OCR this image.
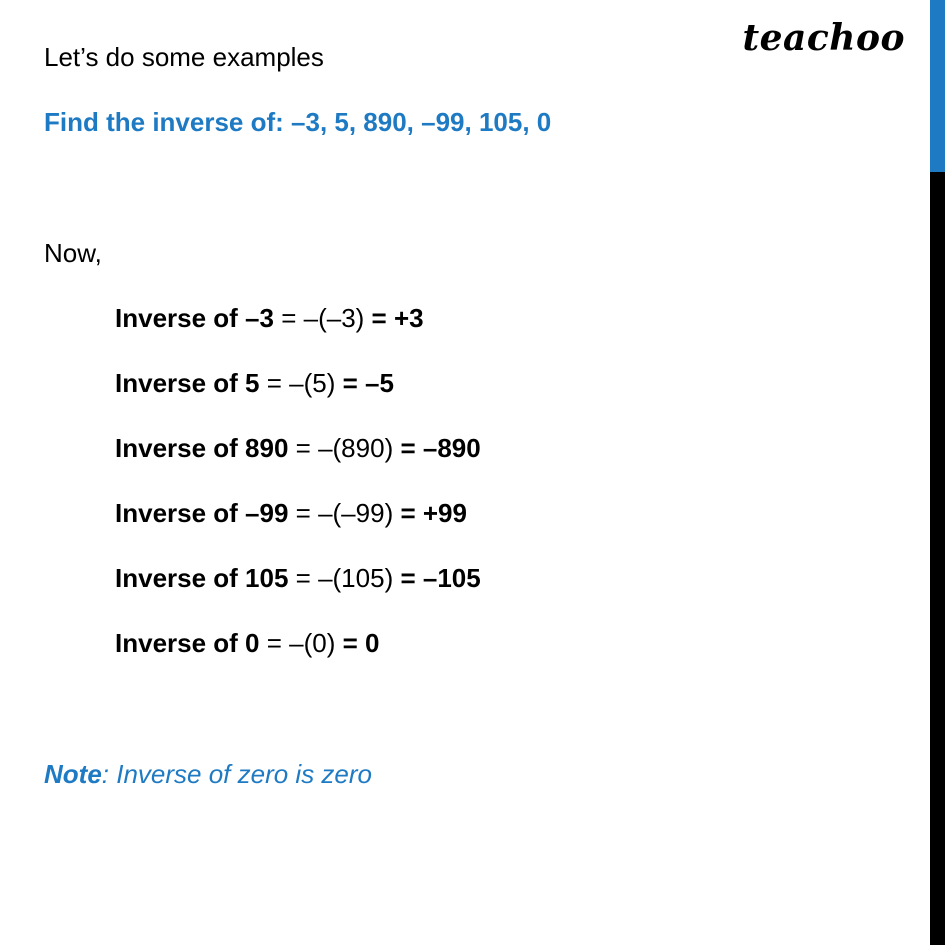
teachoo
Let’s do some examples
Find the inverse of: –3, 5, 890, –99, 105, 0
Now,
Inverse of –3 = –(–3) = +3
Inverse of 5 = –(5) = –5
Inverse of 890 = –(890) = –890
Inverse of –99 = –(–99) = +99
Inverse of 105 = –(105) = –105
Inverse of 0 = –(0) = 0
Note: Inverse of zero is zero
